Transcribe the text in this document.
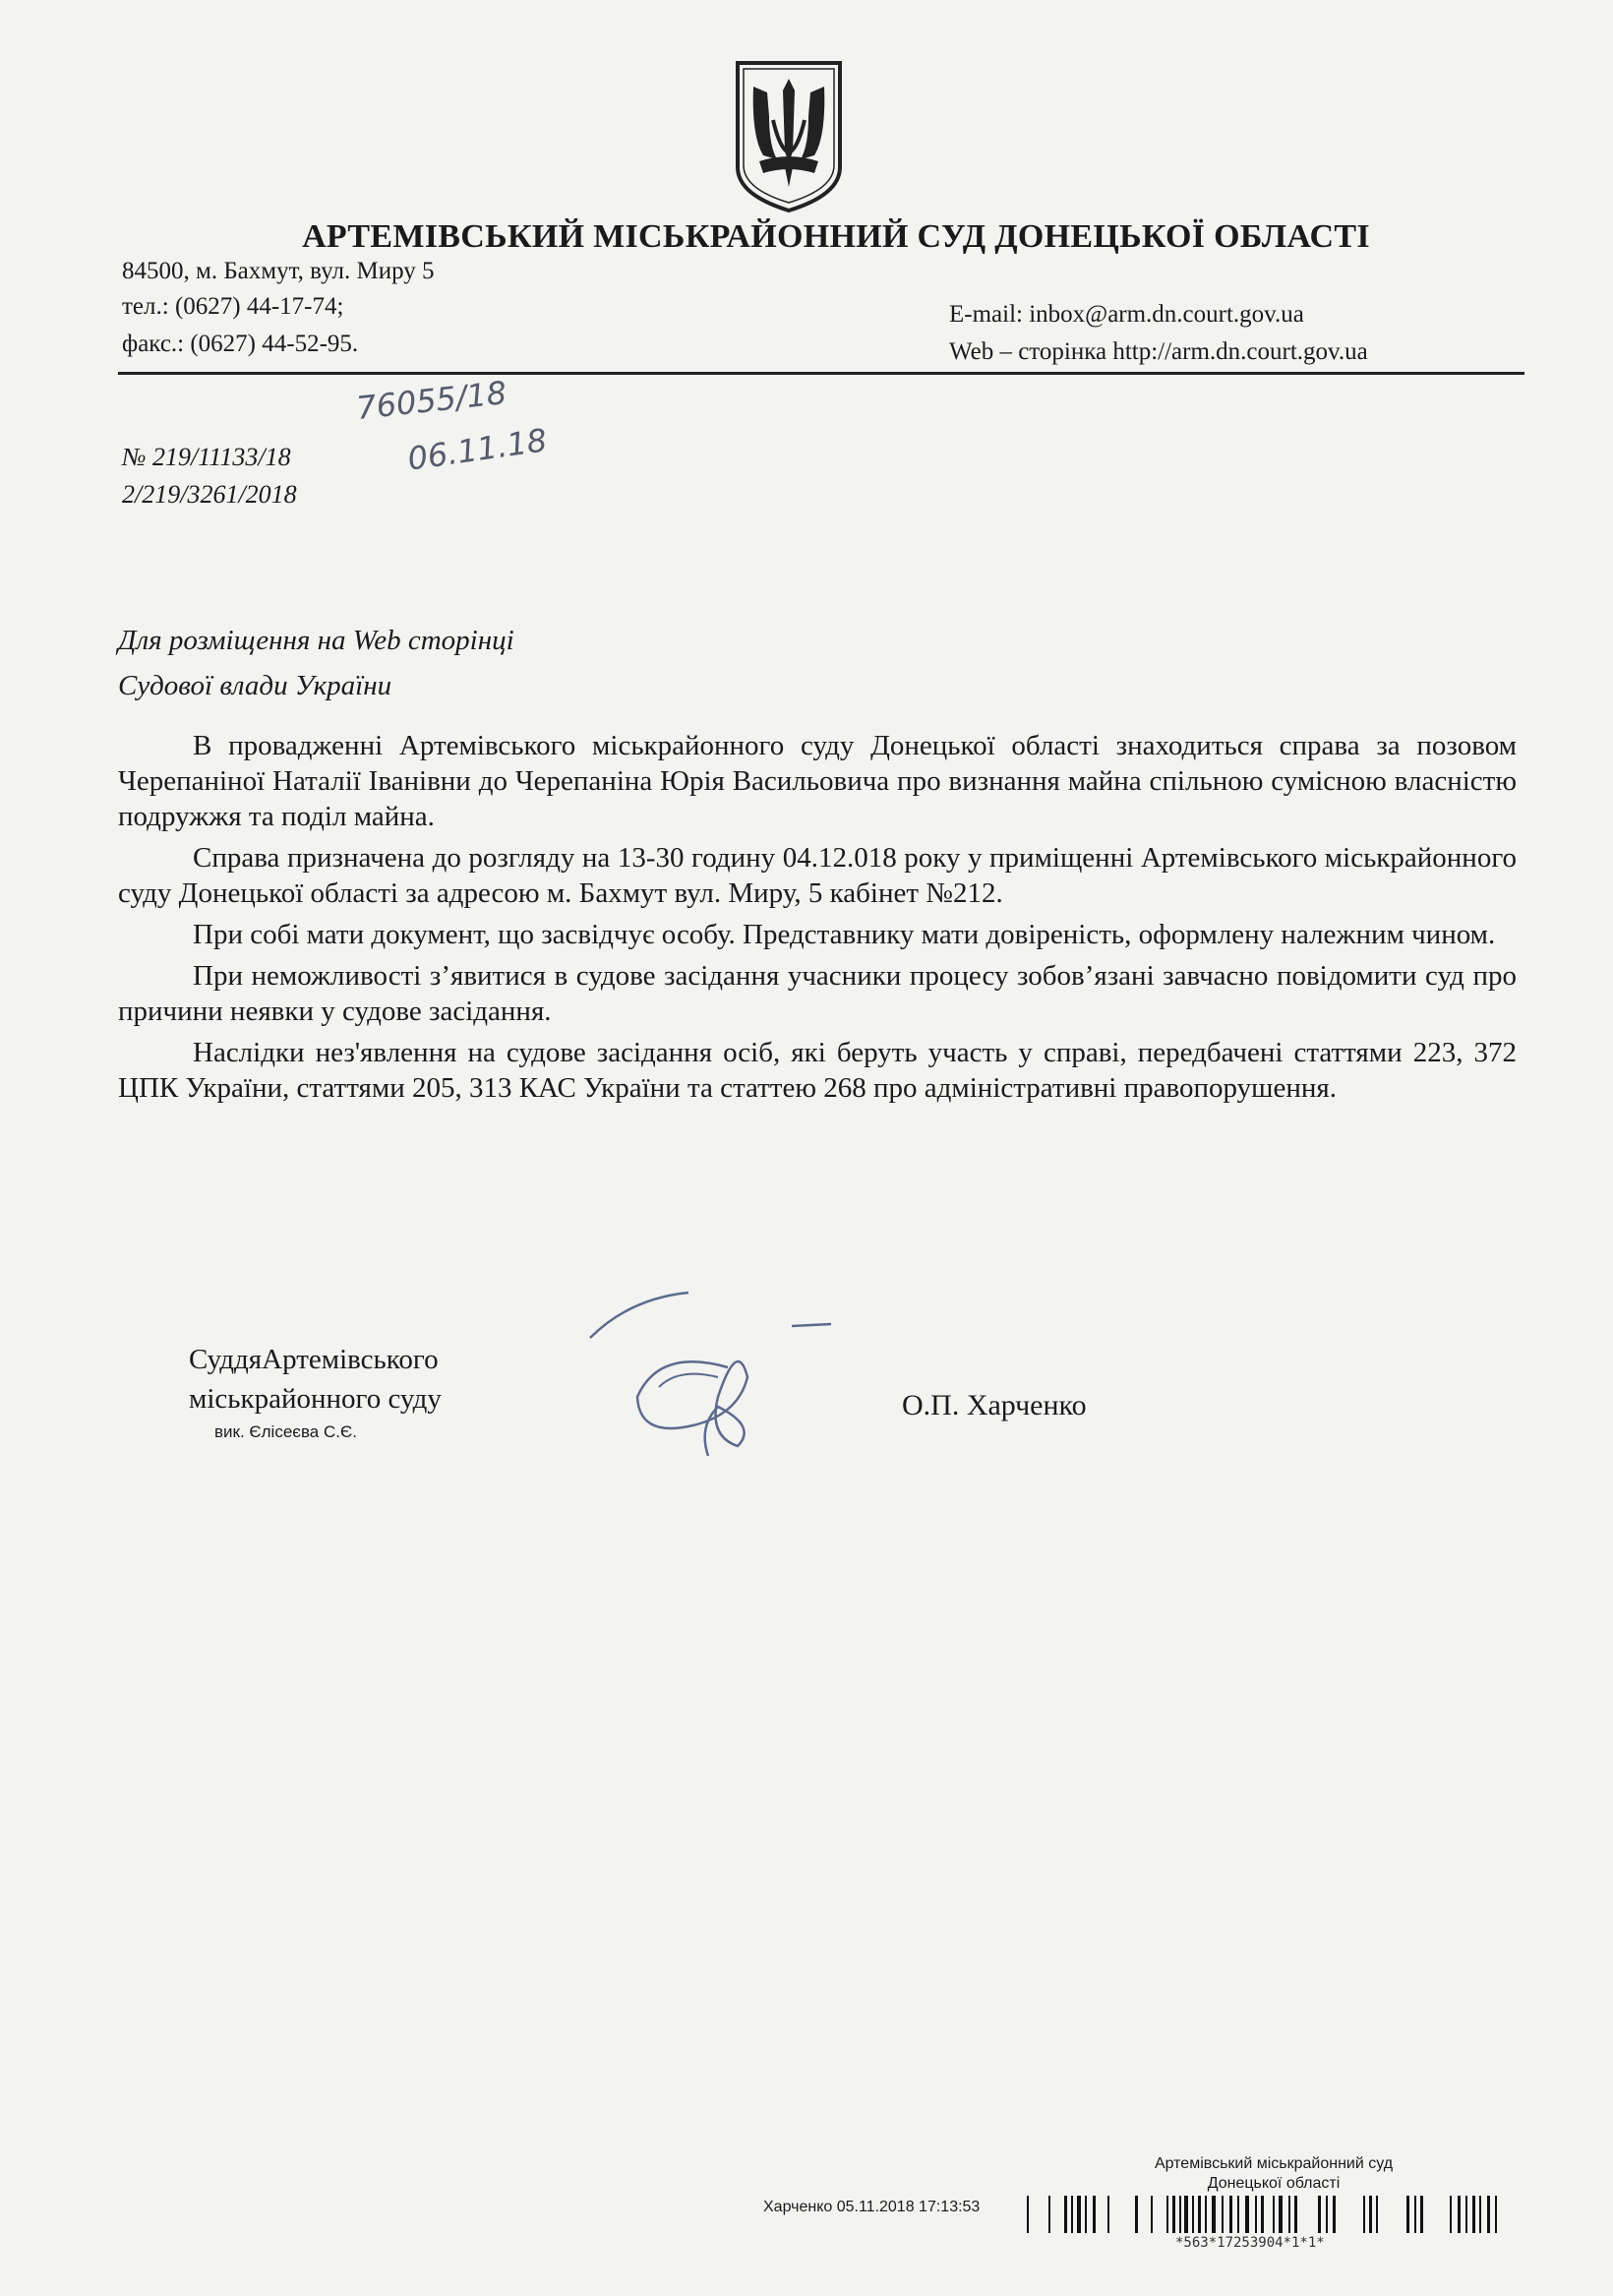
АРТЕМІВСЬКИЙ МІСЬКРАЙОННИЙ СУД ДОНЕЦЬКОЇ ОБЛАСТІ
84500, м. Бахмут, вул. Миру 5
тел.: (0627) 44-17-74;
факс.: (0627) 44-52-95.
E-mail: inbox@arm.dn.court.gov.ua
Web – сторінка http://arm.dn.court.gov.ua
76055/18
06.11.18
№ 219/11133/18
2/219/3261/2018
Для розміщення на Web сторінці
Судової влади України

В провадженні Артемівського міськрайонного суду Донецької області знаходиться справа за позовом Черепаніної Наталії Іванівни до Черепаніна Юрія Васильовича про визнання майна спільною сумісною власністю подружжя та поділ майна.

Справа призначена до розгляду на 13-30 годину 04.12.018 року у приміщенні Артемівського міськрайонного суду Донецької області за адресою м. Бахмут вул. Миру, 5 кабінет №212.

При собі мати документ, що засвідчує особу. Представнику мати довіреність, оформлену належним чином.

При неможливості з’явитися в судове засідання учасники процесу зобов’язані завчасно повідомити суд про причини неявки у судове засідання.

Наслідки нез'явлення на судове засідання осіб, які беруть участь у справі, передбачені статтями 223, 372 ЦПК України, статтями 205, 313 КАС України та статтею 268 про адміністративні правопорушення.

СуддяАртемівського
міськрайонного суду
вик. Єлісеєва С.Є.
О.П. Харченко
Артемівський міськрайонний суд
Донецької області
Харченко 05.11.2018 17:13:53
*563*17253904*1*1*
